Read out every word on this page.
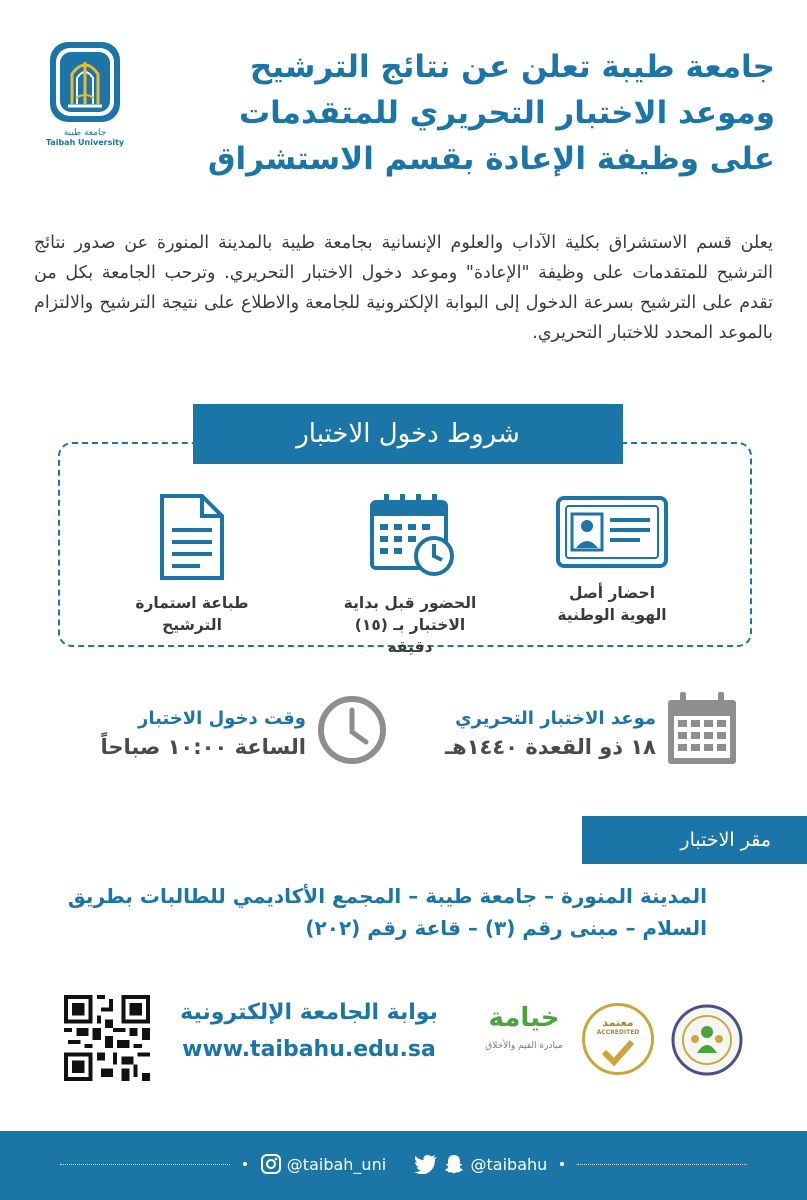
جامعة طيبة
Taibah University
جامعة طيبة تعلن عن نتائج الترشيح
وموعد الاختبار التحريري للمتقدمات
على وظيفة الإعادة بقسم الاستشراق

يعلن قسم الاستشراق بكلية الآداب والعلوم الإنسانية بجامعة طيبة بالمدينة المنورة عن صدور نتائج الترشيح للمتقدمات على وظيفة "الإعادة" وموعد دخول الاختبار التحريري. وترحب الجامعة بكل من تقدم على الترشيح بسرعة الدخول إلى البوابة الإلكترونية للجامعة والاطلاع على نتيجة الترشيح والالتزام بالموعد المحدد للاختبار التحريري.

شروط دخول الاختبار
احضار أصل
الهوية الوطنية
الحضور قبل بداية
الاختبار بـ (١٥) دقيقه
طباعة استمارة
الترشيح
موعد الاختبار التحريري
١٨ ذو القعدة ١٤٤٠هـ
وقت دخول الاختبار
الساعة ١٠:٠٠ صباحاً
مقر الاختبار
المدينة المنورة – جامعة طيبة – المجمع الأكاديمي للطالبات بطريق
السلام – مبنى رقم (٣) – قاعة رقم (٢٠٢)
بوابة الجامعة الإلكترونية
www.taibahu.edu.sa
خيامة
مبادرة القيم والأخلاق
معتمد
ACCREDITED
@taibah_uni	@taibahu
